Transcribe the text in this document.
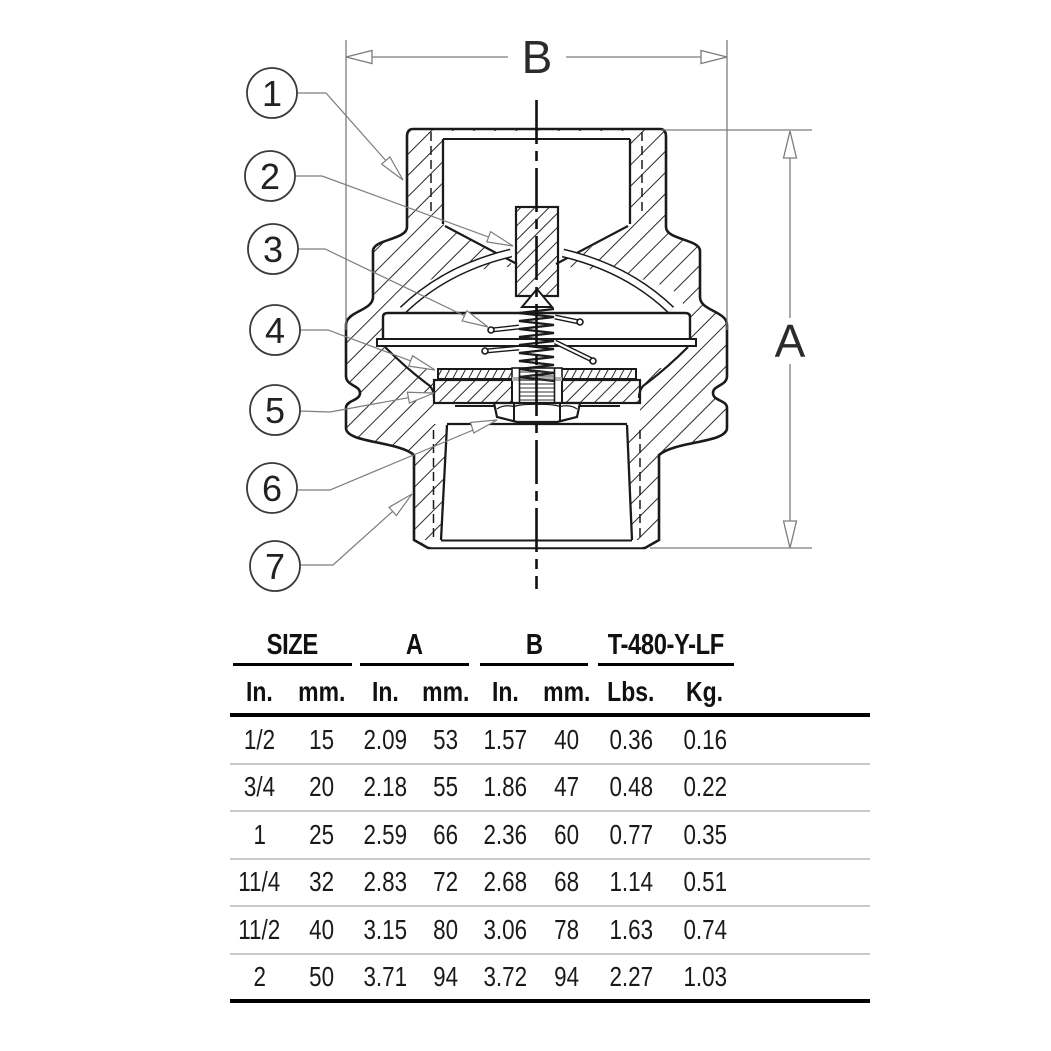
B
A
1
2
3
4
5
6
7
SIZE	A	B T-480-Y-LF
In. mm. In. mm. In. mm. Lbs. Kg.
1/2 15 2.09 53 1.57 40 0.36 0.16
3/4 20 2.18 55 1.86 47 0.48 0.22
1 25 2.59 66 2.36 60 0.77 0.35
11/4 32 2.83 72 2.68 68 1.14 0.51
11/2 40 3.15 80 3.06 78 1.63 0.74
2 50 3.71 94 3.72 94 2.27 1.03
